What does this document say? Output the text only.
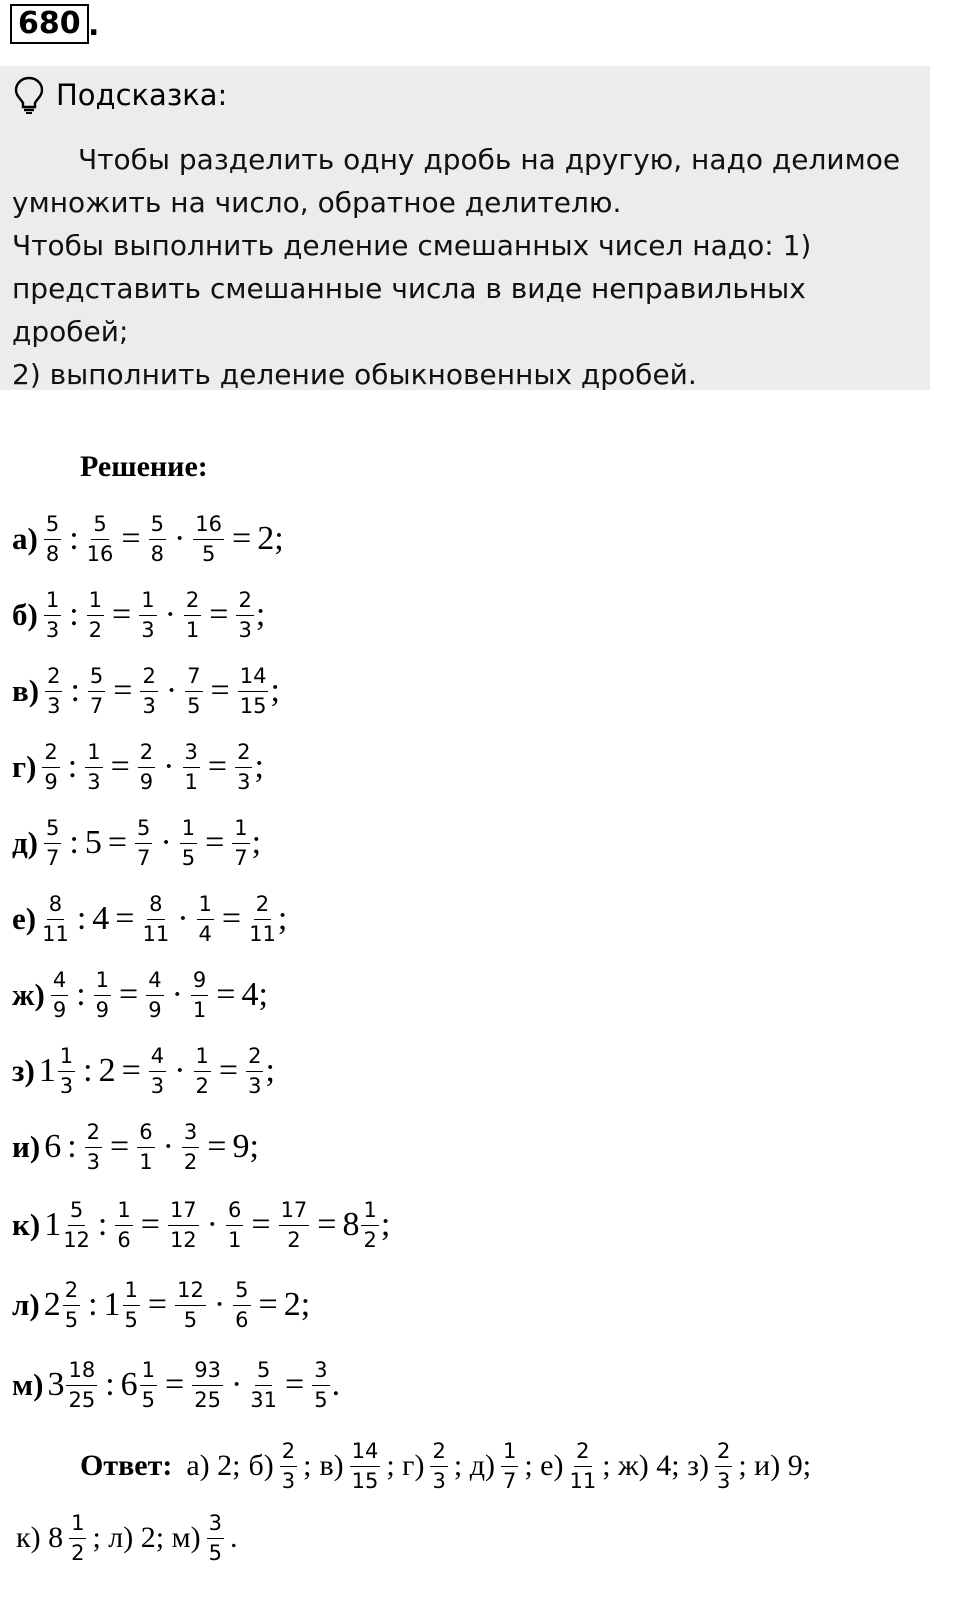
680 .
Подсказка:

Чтобы разделить одну дробь на другую, надо делимое умножить на число, обратное делителю.

Чтобы выполнить деление смешанных чисел надо: 1) представить смешанные числа в виде неправильных дробей;

2) выполнить деление обыкновенных дробей.

Решение:
$а) \frac{5}{8}$ : $\frac{5}{16} = \frac{5}{8} \cdot \frac{16}{5} = 2$;
$б) \frac{1}{3}$ : $\frac{1}{2} = \frac{1}{3} \cdot \frac{2}{1} = \frac{2}{3}$ ;
$в) \frac{2}{3}$ : $\frac{5}{7} = \frac{2}{3} \cdot \frac{7}{5} = \frac{14}{15}$ ;
$г) \frac{2}{9}$ : $\frac{1}{3} = \frac{2}{9} \cdot \frac{3}{1} = \frac{2}{3}$ ;
$д) \frac{5}{7}$ : $5 = \frac{5}{7} \cdot \frac{1}{5} = \frac{1}{7}$ ;
$е) \frac{8}{11}$ : $4 = \frac{8}{11} \cdot \frac{1}{4} = \frac{2}{11}$ ;
$ж) \frac{4}{9}$ : $\frac{1}{9} = \frac{4}{9} \cdot \frac{9}{1} = 4$;
з) $1 \frac{1}{3}$ : $2 = \frac{4}{3} \cdot \frac{1}{2} = \frac{2}{3}$ ;
и) 6 : $\frac{2}{3} = \frac{6}{1} \cdot \frac{3}{2} = 9$;
к) $1 \frac{5}{12}$ : $\frac{1}{6} = \frac{17}{12} \cdot \frac{6}{1} = \frac{17}{2} = 8 \frac{1}{2}$ ;
л) $2 \frac{2}{5}$ : $1 \frac{1}{5} = \frac{12}{5} \cdot \frac{5}{6} = 2$;
м) $3 \frac{18}{25}$ : $6 \frac{1}{5} = \frac{93}{25} \cdot \frac{5}{31} = \frac{3}{5}$ .
Ответ: а) 2; $б) \frac{2}{3}$ ; $в) \frac{14}{15}$ ; $г) \frac{2}{3}$ ; $д) \frac{1}{7}$ ; $е) \frac{2}{11}$ ; ж) 4; $з) \frac{2}{3}$ ; и) 9;
к) $8 \frac{1}{2}$ ; л) 2; $м) \frac{3}{5}$ .
